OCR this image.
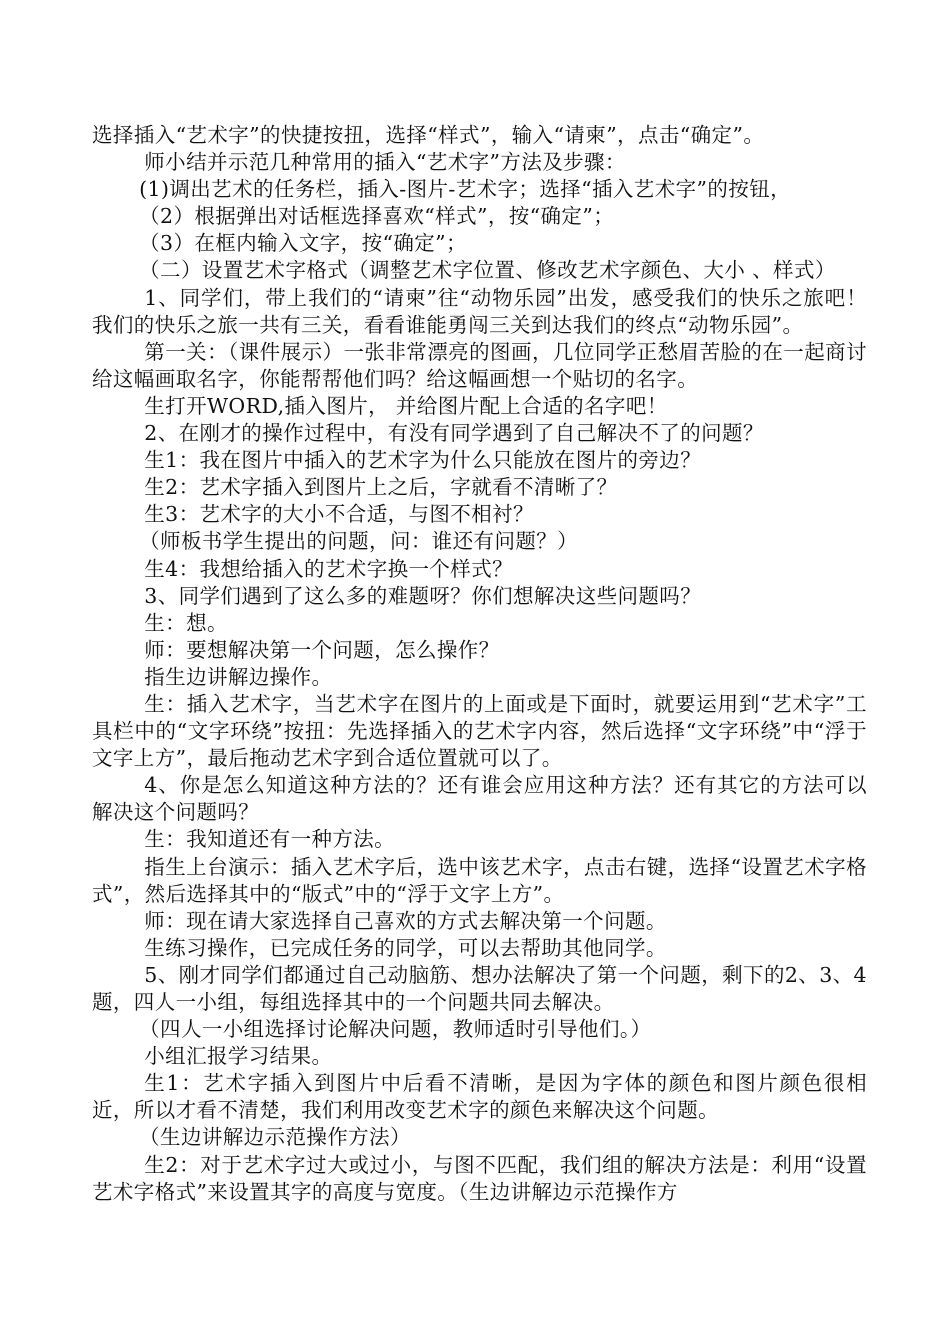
选择插入“艺术字”的快捷按扭，选择“样式”，输入“请柬”，点击“确定”。

师小结并示范几种常用的插入“艺术字”方法及步骤：

(1)调出艺术的任务栏，插入-图片-艺术字；选择“插入艺术字”的按钮，

（2）根据弹出对话框选择喜欢“样式”，按“确定”；

（3）在框内输入文字，按“确定”；

（二）设置艺术字格式（调整艺术字位置、修改艺术字颜色、大小 、样式）

1、同学们，带上我们的“请柬”往“动物乐园”出发，感受我们的快乐之旅吧！我们的快乐之旅一共有三关，看看谁能勇闯三关到达我们的终点“动物乐园”。

第一关：（课件展示）一张非常漂亮的图画，几位同学正愁眉苦脸的在一起商讨给这幅画取名字，你能帮帮他们吗？给这幅画想一个贴切的名字。

生打开WORD,插入图片， 并给图片配上合适的名字吧！

2、在刚才的操作过程中，有没有同学遇到了自己解决不了的问题？

生1：我在图片中插入的艺术字为什么只能放在图片的旁边？

生2：艺术字插入到图片上之后，字就看不清晰了？

生3：艺术字的大小不合适，与图不相衬？

（师板书学生提出的问题，问：谁还有问题？）

生4：我想给插入的艺术字换一个样式？

3、同学们遇到了这么多的难题呀？你们想解决这些问题吗？

生：想。

师：要想解决第一个问题，怎么操作？

指生边讲解边操作。

生：插入艺术字，当艺术字在图片的上面或是下面时，就要运用到“艺术字”工具栏中的“文字环绕”按扭：先选择插入的艺术字内容，然后选择“文字环绕”中“浮于文字上方”，最后拖动艺术字到合适位置就可以了。

4、你是怎么知道这种方法的？还有谁会应用这种方法？还有其它的方法可以解决这个问题吗？

生：我知道还有一种方法。

指生上台演示：插入艺术字后，选中该艺术字，点击右键，选择“设置艺术字格式”，然后选择其中的“版式”中的“浮于文字上方”。

师：现在请大家选择自己喜欢的方式去解决第一个问题。

生练习操作，已完成任务的同学，可以去帮助其他同学。

5、刚才同学们都通过自己动脑筋、想办法解决了第一个问题，剩下的2、3、4题，四人一小组，每组选择其中的一个问题共同去解决。

（四人一小组选择讨论解决问题，教师适时引导他们。）

小组汇报学习结果。

生1：艺术字插入到图片中后看不清晰，是因为字体的颜色和图片颜色很相近，所以才看不清楚，我们利用改变艺术字的颜色来解决这个问题。

（生边讲解边示范操作方法）

生2：对于艺术字过大或过小，与图不匹配，我们组的解决方法是：利用“设置艺术字格式”来设置其字的高度与宽度。（生边讲解边示范操作方
